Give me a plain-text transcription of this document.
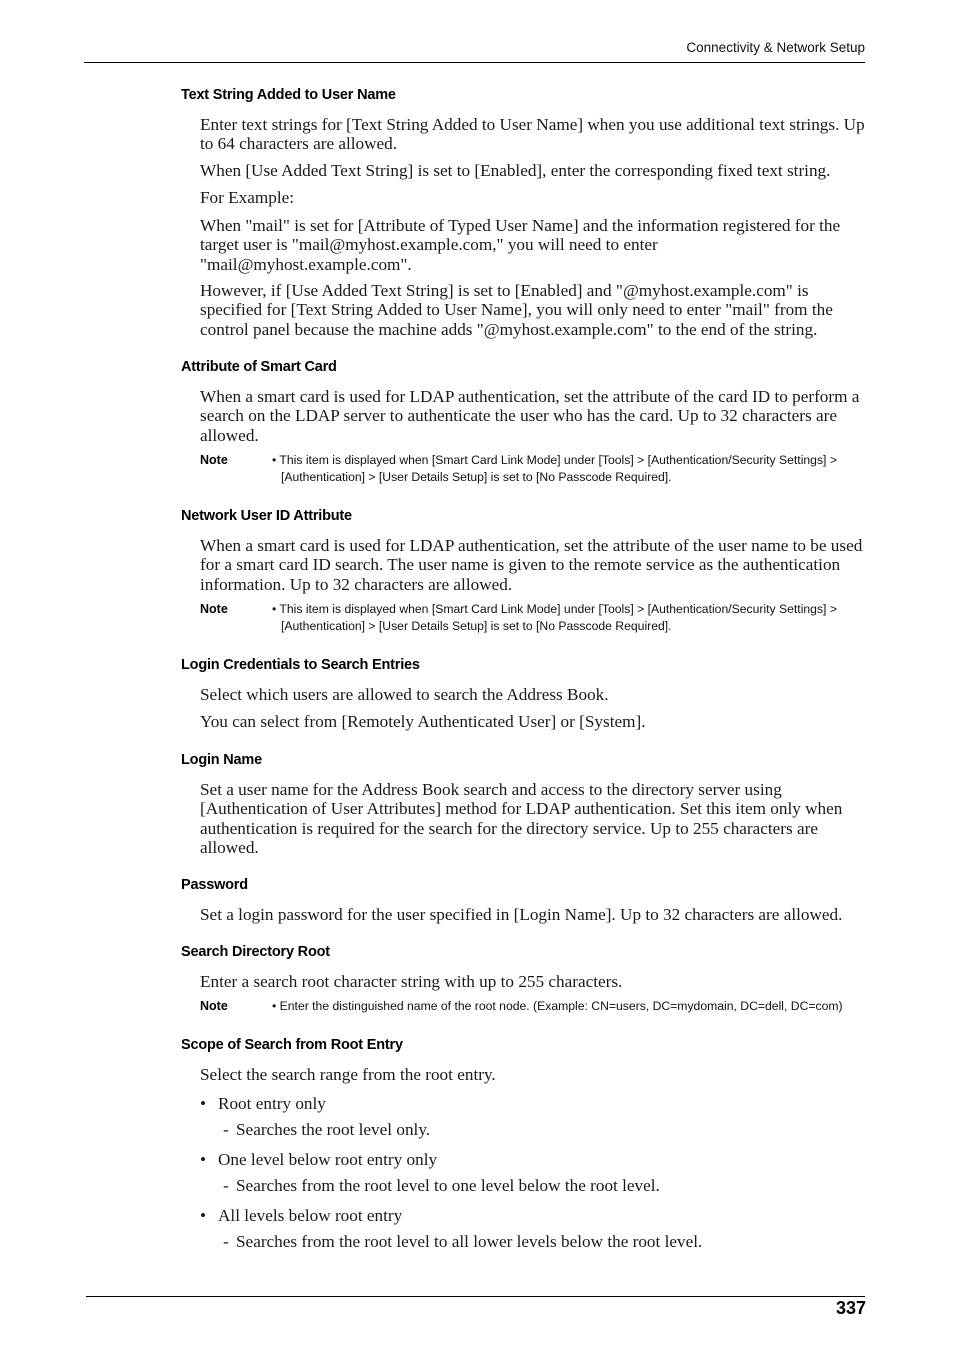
Connectivity & Network Setup
Text String Added to User Name

Enter text strings for [Text String Added to User Name] when you use additional text strings. Up to 64 characters are allowed.

When [Use Added Text String] is set to [Enabled], enter the corresponding fixed text string.

For Example:

When "mail" is set for [Attribute of Typed User Name] and the information registered for the target user is "mail@myhost.example.com," you will need to enter "mail@myhost.example.com".

However, if [Use Added Text String] is set to [Enabled] and "@myhost.example.com" is specified for [Text String Added to User Name], you will only need to enter "mail" from the control panel because the machine adds "@myhost.example.com" to the end of the string.

Attribute of Smart Card

When a smart card is used for LDAP authentication, set the attribute of the card ID to perform a search on the LDAP server to authenticate the user who has the card. Up to 32 characters are allowed.

Note	• This item is displayed when [Smart Card Link Mode] under [Tools] > [Authentication/Security Settings] > [Authentication] > [User Details Setup] is set to [No Passcode Required].
Network User ID Attribute

When a smart card is used for LDAP authentication, set the attribute of the user name to be used for a smart card ID search. The user name is given to the remote service as the authentication information. Up to 32 characters are allowed.

Note	• This item is displayed when [Smart Card Link Mode] under [Tools] > [Authentication/Security Settings] > [Authentication] > [User Details Setup] is set to [No Passcode Required].
Login Credentials to Search Entries

Select which users are allowed to search the Address Book.

You can select from [Remotely Authenticated User] or [System].

Login Name

Set a user name for the Address Book search and access to the directory server using [Authentication of User Attributes] method for LDAP authentication. Set this item only when authentication is required for the search for the directory service. Up to 255 characters are allowed.

Password

Set a login password for the user specified in [Login Name]. Up to 32 characters are allowed.

Search Directory Root

Enter a search root character string with up to 255 characters.

Note	• Enter the distinguished name of the root node. (Example: CN=users, DC=mydomain, DC=dell, DC=com)
Scope of Search from Root Entry

Select the search range from the root entry.

• Root entry only
- Searches the root level only.
• One level below root entry only
- Searches from the root level to one level below the root level.
• All levels below root entry
- Searches from the root level to all lower levels below the root level.
337
